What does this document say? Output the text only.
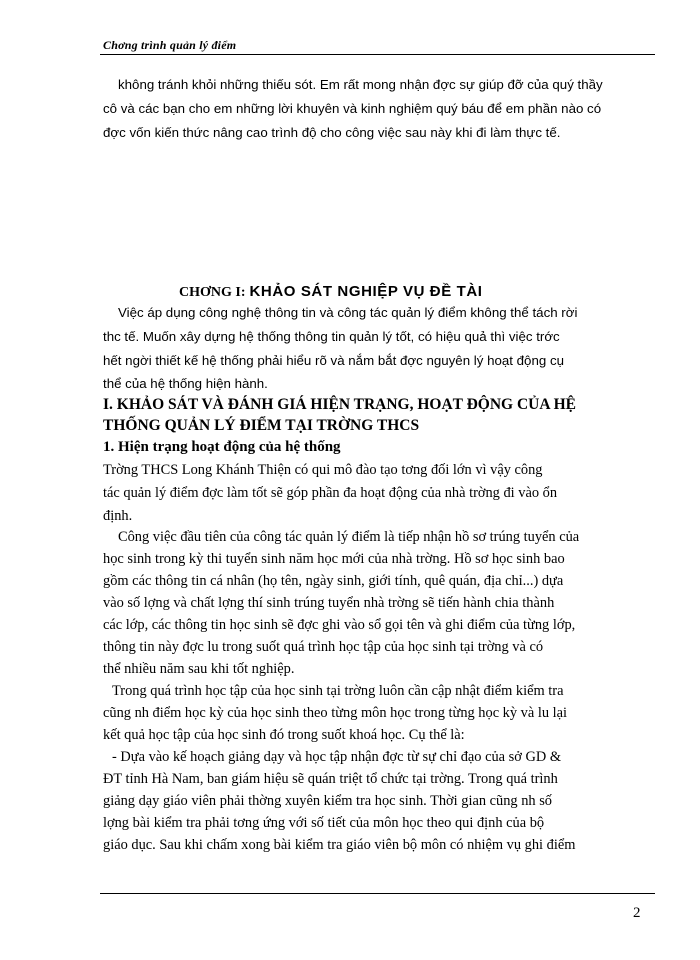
Chơng trình quản lý điểm
không tránh khỏi những thiếu sót. Em rất mong nhận đợc sự giúp đỡ của quý thầy
cô và các bạn cho em những lời khuyên và kinh nghiệm quý báu để em phần nào có
đợc vốn kiến thức nâng cao trình độ cho công việc sau này khi đi làm thực tế.
CHƠNG I: KHẢO SÁT NGHIỆP VỤ ĐỀ TÀI
Việc áp dụng công nghệ thông tin và công tác quản lý điểm không thể tách rời
thc tế. Muốn xây dựng hệ thống thông tin quản lý tốt, có hiệu quả thì việc trớc
hết ngời thiết kế hệ thống phải hiểu rõ và nắm bắt đợc nguyên lý hoạt động cụ
thể của hệ thống hiện hành.
I. KHẢO SÁT VÀ ĐÁNH GIÁ HIỆN TRẠNG, HOẠT ĐỘNG CỦA HỆ
THỐNG QUẢN LÝ ĐIỂM TẠI TRỜNG THCS
1. Hiện trạng hoạt động của hệ thống
Trờng THCS Long Khánh Thiện có qui mô đào tạo tơng đối lớn vì vậy công
tác quản lý điểm đợc làm tốt sẽ góp phần đa hoạt động của nhà trờng đi vào ổn
định.
Công việc đầu tiên của công tác quản lý điểm là tiếp nhận hồ sơ trúng tuyển của
học sinh trong kỳ thi tuyển sinh năm học mới của nhà trờng. Hồ sơ học sinh bao
gồm các thông tin cá nhân (họ tên, ngày sinh, giới tính, quê quán, địa chỉ...) dựa
vào số lợng và chất lợng thí sinh trúng tuyển nhà trờng sẽ tiến hành chia thành
các lớp, các thông tin học sinh sẽ đợc ghi vào sổ gọi tên và ghi điểm của từng lớp,
thông tin này đợc lu trong suốt quá trình học tập của học sinh tại trờng và có
thể nhiều năm sau khi tốt nghiệp.
Trong quá trình học tập của học sinh tại trờng luôn cần cập nhật điểm kiểm tra
cũng nh điểm học kỳ của học sinh theo từng môn học trong từng học kỳ và lu lại
kết quả học tập của học sinh đó trong suốt khoá học. Cụ thể là:
- Dựa vào kế hoạch giảng dạy và học tập nhận đợc từ sự chỉ đạo của sở GD &
ĐT tỉnh Hà Nam, ban giám hiệu sẽ quán triệt tổ chức tại trờng. Trong quá trình
giảng dạy giáo viên phải thờng xuyên kiểm tra học sinh. Thời gian cũng nh số
lợng bài kiểm tra phải tơng ứng với số tiết của môn học theo qui định của bộ
giáo dục. Sau khi chấm xong bài kiểm tra giáo viên bộ môn có nhiệm vụ ghi điểm
2
